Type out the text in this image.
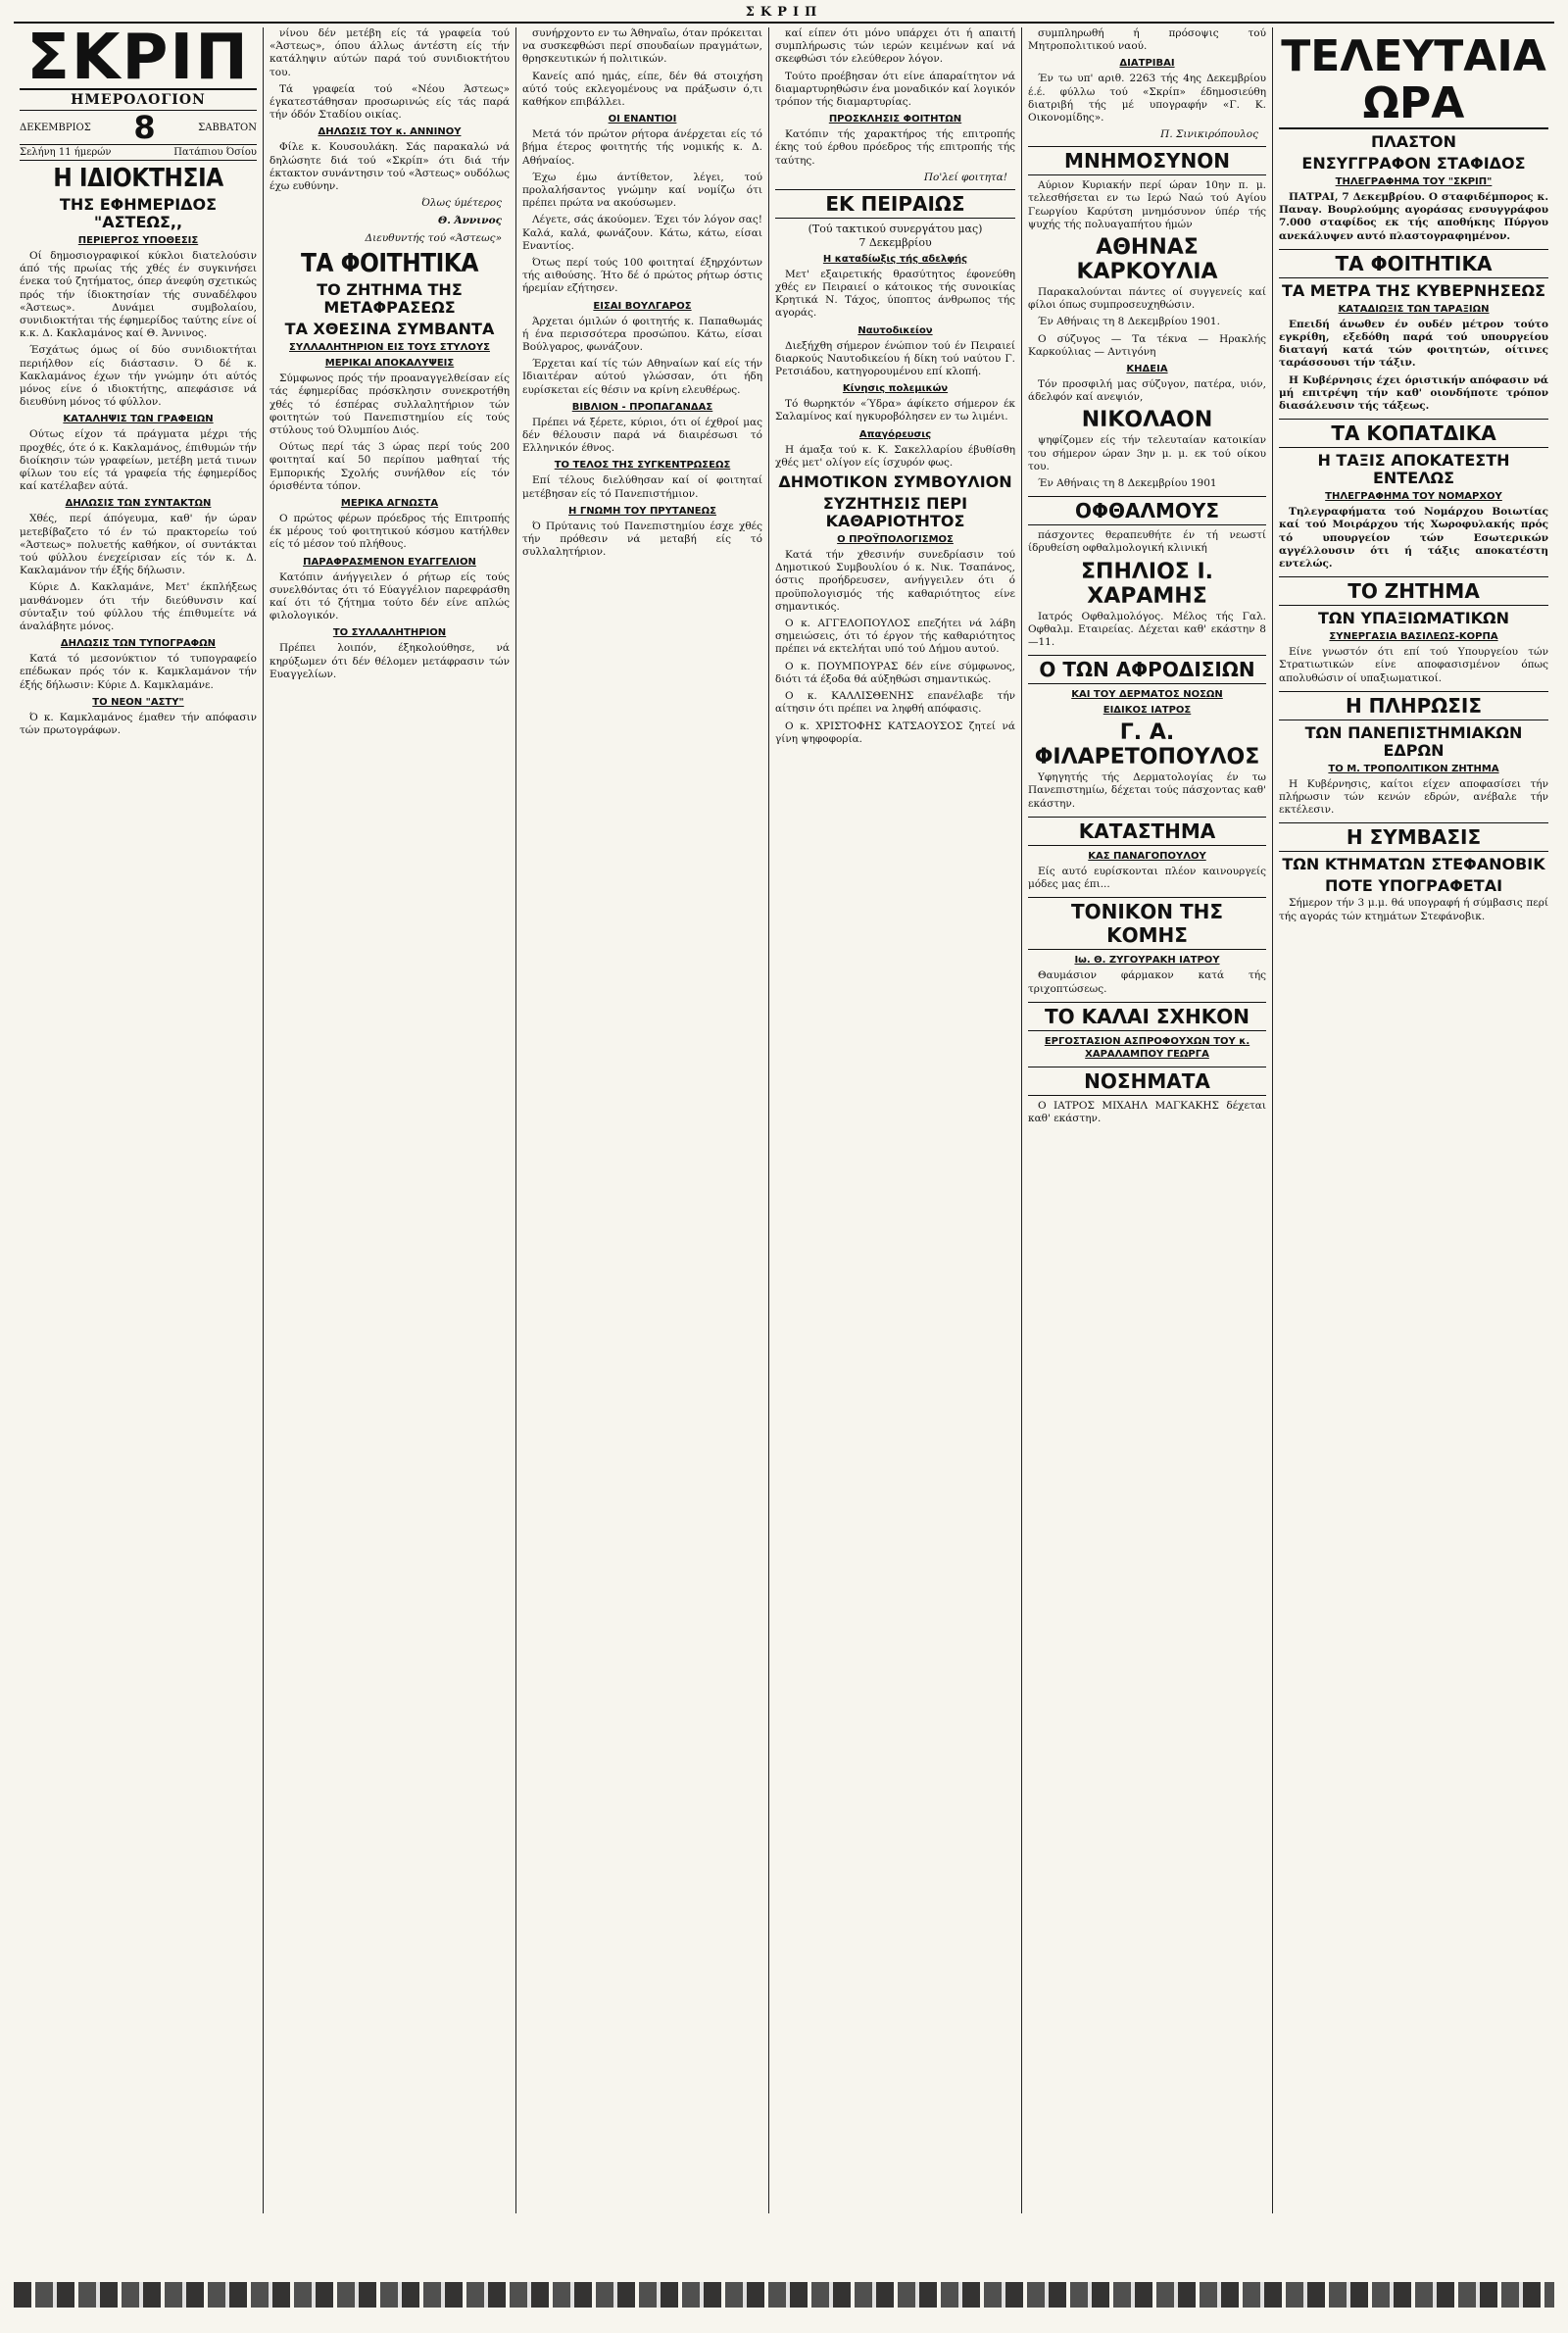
ΣΚΡΙΠ
ΣΚΡΙΠ
ΗΜΕΡΟΛΟΓΙΟΝ
ΔΕΚΕΜΒΡΙΟΣ 8	ΣΑΒΒΑΤΟΝ
Σελήνη 11 ήμερών	Πατάπιου Όσίου
Η ΙΔΙΟΚΤΗΣΙΑ
ΤΗΣ ΕΦΗΜΕΡΙΔΟΣ "ΑΣΤΕΩΣ,,
ΠΕΡΙΕΡΓΟΣ ΥΠΟΘΕΣΙΣ

Οί δημοσιογραφικοί κύκλοι διατελούσιν άπό τής πρωίας τής χθές έν συγκινήσει ένεκα τού ζητήματος, όπερ άνεφύη σχετικώς πρός τήν ίδιοκτησίαν τής συναδέλφου «Άστεως». Δυνάμει συμβολαίου, συνιδιοκτήται τής έφημερίδος ταύτης είνε οί κ.κ. Δ. Κακλαμάνος καί Θ. Άννινος.

Έσχάτως όμως οί δύο συνιδιοκτήται περιήλθον είς διάστασιν. Ό δέ κ. Κακλαμάνος έχων τήν γνώμην ότι αύτός μόνος είνε ό ιδιοκτήτης, απεφάσισε νά διευθύνη μόνος τό φύλλον.

ΚΑΤΑΛΗΨΙΣ ΤΩΝ ΓΡΑΦΕΙΩΝ

Ούτως είχον τά πράγματα μέχρι τής προχθές, ότε ό κ. Κακλαμάνος, έπιθυμών τήν διοίκησιν τών γραφείων, μετέβη μετά τινων φίλων του είς τά γραφεία τής έφημερίδος καί κατέλαβεν αύτά.

ΔΗΛΩΣΙΣ ΤΩΝ ΣΥΝΤΑΚΤΩΝ

Χθές, περί άπόγευμα, καθ' ήν ώραν μετεβίβαζετο τό έν τώ πρακτορείω τού «Άστεως» πολυετής καθήκον, οί συντάκται τού φύλλου ένεχείρισαν είς τόν κ. Δ. Κακλαμάνον τήν έξής δήλωσιν.

Κύριε Δ. Κακλαμάνε, Μετ' έκπλήξεως μανθάνομεν ότι τήν διεύθυνσιν καί σύνταξιν τού φύλλου τής έπιθυμείτε νά άναλάβητε μόνος.

ΔΗΛΩΣΙΣ ΤΩΝ ΤΥΠΟΓΡΑΦΩΝ

Κατά τό μεσονύκτιον τό τυπογραφείο επέδωκαν πρός τόν κ. Καμκλαμάνον τήν έξής δήλωσιν: Κύριε Δ. Καμκλαμάνε.

ΤΟ ΝΕΟΝ "ΑΣΤΥ"

Ό κ. Καμκλαμάνος έμαθεν τήν απόφασιν τών πρωτογράφων.

νίνου δέν μετέβη είς τά γραφεία τού «Άστεως», όπου άλλως άντέστη είς τήν κατάληψιν αύτών παρά τού συνιδιοκτήτου του.

Τά γραφεία τού «Νέου Άστεως» έγκατεστάθησαν προσωρινώς είς τάς παρά τήν όδόν Σταδίου οικίας.

ΔΗΛΩΣΙΣ ΤΟΥ κ. ΑΝΝΙΝΟΥ

Φίλε κ. Κουσουλάκη. Σάς παρακαλώ νά δηλώσητε διά τού «Σκρίπ» ότι διά τήν έκτακτον συνάντησιν τού «Άστεως» ουδόλως έχω ευθύνην.

Όλως ύμέτερος
Θ. Άννινος
Διευθυντής τού «Άστεως»
ΤΑ ΦΟΙΤΗΤΙΚΑ
ΤΟ ΖΗΤΗΜΑ ΤΗΣ ΜΕΤΑΦΡΑΣΕΩΣ
ΤΑ ΧΘΕΣΙΝΑ ΣΥΜΒΑΝΤΑ
ΣΥΛΛΑΛΗΤΗΡΙΟΝ ΕΙΣ ΤΟΥΣ ΣΤΥΛΟΥΣ
ΜΕΡΙΚΑΙ ΑΠΟΚΑΛΥΨΕΙΣ

Σύμφωνος πρός τήν προαναγγελθείσαν είς τάς έφημερίδας πρόσκλησιν συνεκροτήθη χθές τό έσπέρας συλλαλητήριον τών φοιτητών τού Πανεπιστημίου είς τούς στύλους τού Όλυμπίου Διός.

Ούτως περί τάς 3 ώρας περί τούς 200 φοιτηταί καί 50 περίπου μαθηταί τής Εμπορικής Σχολής συνήλθον είς τόν όρισθέντα τόπον.

ΜΕΡΙΚΑ ΑΓΝΩΣΤΑ

Ο πρώτος φέρων πρόεδρος τής Επιτροπής έκ μέρους τού φοιτητικού κόσμου κατήλθεν είς τό μέσον τού πλήθους.

ΠΑΡΑΦΡΑΣΜΕΝΟΝ ΕΥΑΓΓΕΛΙΟΝ

Κατόπιν άνήγγειλεν ό ρήτωρ είς τούς συνελθόντας ότι τό Εύαγγέλιον παρεφράσθη καί ότι τό ζήτημα τούτο δέν είνε απλώς φιλολογικόν.

ΤΟ ΣΥΛΛΑΛΗΤΗΡΙΟΝ

Πρέπει λοιπόν, έξηκολούθησε, νά κηρύξωμεν ότι δέν θέλομεν μετάφρασιν τών Ευαγγελίων.

συνήρχοντο εν τω Άθηναΐω, όταν πρόκειται να συσκεφθώσι περί σπουδαίων πραγμάτων, θρησκευτικών ή πολιτικών.

Κανείς από ημάς, είπε, δέν θά στοιχήση αύτό τούς εκλεγομένους να πράξωσιν ό,τι καθήκον επιβάλλει.

ΟΙ ΕΝΑΝΤΙΟΙ

Μετά τόν πρώτον ρήτορα άνέρχεται είς τό βήμα έτερος φοιτητής τής νομικής κ. Δ. Αθήναίος.

Έχω έμω άντίθετον, λέγει, τού προλαλήσαντος γνώμην καί νομίζω ότι πρέπει πρώτα να ακούσωμεν.

Λέγετε, σάς άκούομεν. Έχει τόν λόγον σας! Καλά, καλά, φωνάζουν. Κάτω, κάτω, είσαι Εναντίος.

Ότως περί τούς 100 φοιτηταί έξηρχόντων τής αιθούσης. Ήτο δέ ό πρώτος ρήτωρ όστις ήρεμίαν εζήτησεν.

ΕΙΣΑΙ ΒΟΥΛΓΑΡΟΣ

Άρχεται όμιλών ό φοιτητής κ. Παπαθωμάς ή ένα περισσότερα προσώπου. Κάτω, είσαι Βούλγαρος, φωνάζουν.

Έρχεται καί τίς τών Αθηναίων καί είς τήν Ιδιαιτέραν αύτού γλώσσαν, ότι ήδη ευρίσκεται είς θέσιν να κρίνη ελευθέρως.

ΒΙΒΛΙΟΝ - ΠΡΟΠΑΓΑΝΔΑΣ

Πρέπει νά ξέρετε, κύριοι, ότι οί έχθροί μας δέν θέλουσιν παρά νά διαιρέσωσι τό Ελληνικόν έθνος.

ΤΟ ΤΕΛΟΣ ΤΗΣ ΣΥΓΚΕΝΤΡΩΣΕΩΣ

Επί τέλους διελύθησαν καί οί φοιτηταί μετέβησαν είς τό Πανεπιστήμιον.

Η ΓΝΩΜΗ ΤΟΥ ΠΡΥΤΑΝΕΩΣ

Ό Πρύτανις τού Πανεπιστημίου έσχε χθές τήν πρόθεσιν νά μεταβή είς τό συλλαλητήριον.

καί είπεν ότι μόνο υπάρχει ότι ή απαιτή συμπλήρωσις τών ιερών κειμένων καί νά σκεφθώσι τόν ελεύθερον λόγον.

Τούτο προέβησαν ότι είνε άπαραίτητον νά διαμαρτυρηθώσιν ένα μοναδικόν καί λογικόν τρόπον τής διαμαρτυρίας.

ΠΡΟΣΚΛΗΣΙΣ ΦΟΙΤΗΤΩΝ

Κατόπιν τής χαρακτήρος τής επιτροπής έκης τού έρθου πρόεδρος τής επιτροπής τής ταύτης.

Πο'λεί φοιτητα!
ΕΚ ΠΕΙΡΑΙΩΣ
(Τού τακτικού συνεργάτου μας)
7 Δεκεμβρίου
Η καταδίωξις τής αδελφής

Μετ' εξαιρετικής θρασύτητος έφονεύθη χθές εν Πειραιεί ο κάτοικος τής συνοικίας Κρητικά Ν. Τάχος, ύποπτος άνθρωπος τής αγοράς.

Ναυτοδικείον

Διεξήχθη σήμερον ένώπιον τού έν Πειραιεί διαρκούς Ναυτοδικείου ή δίκη τού ναύτου Γ. Ρετσιάδου, κατηγορουμένου επί κλοπή.

Κίνησις πολεμικών

Τό θωρηκτόν «Ύδρα» άφίκετο σήμερον έκ Σαλαμίνος καί ηγκυροβόλησεν εν τω λιμένι.

Απαγόρευσις

Η άμαξα τού κ. Κ. Σακελλαρίου έβυθίσθη χθές μετ' ολίγον είς ίσχυρόν φως.

ΔΗΜΟΤΙΚΟΝ ΣΥΜΒΟΥΛΙΟΝ
ΣΥΖΗΤΗΣΙΣ ΠΕΡΙ ΚΑΘΑΡΙΟΤΗΤΟΣ
Ο ΠΡΟΫΠΟΛΟΓΙΣΜΟΣ

Κατά τήν χθεσινήν συνεδρίασιν τού Δημοτικού Συμβουλίου ό κ. Νικ. Τσαπάνος, όστις προήδρευσεν, ανήγγειλεν ότι ό προϋπολογισμός τής καθαριότητος είνε σημαντικός.

Ο κ. ΑΓΓΕΛΟΠΟΥΛΟΣ επεζήτει νά λάβη σημειώσεις, ότι τό έργον τής καθαριότητος πρέπει νά εκτελήται υπό τού Δήμου αυτού.

Ο κ. ΠΟΥΜΠΟΥΡΑΣ δέν είνε σύμφωνος, διότι τά έξοδα θά αύξηθώσι σημαντικώς.

Ο κ. ΚΑΛΛΙΣΘΕΝΗΣ επανέλαβε τήν αίτησιν ότι πρέπει να ληφθή απόφασις.

Ο κ. ΧΡΙΣΤΟΦΗΣ ΚΑΤΣΑΟΥΣΟΣ ζητεί νά γίνη ψηφοφορία.

συμπληρωθή ή πρόσοψις τού Μητροπολιτικού ναού.

ΔΙΑΤΡΙΒΑΙ

Έν τω υπ' αριθ. 2263 τής 4ης Δεκεμβρίου έ.έ. φύλλω τού «Σκρίπ» έδημοσιεύθη διατριβή τής μέ υπογραφήν «Γ. Κ. Οικονομίδης».

Π. Σινικιρόπουλος
ΜΝΗΜΟΣΥΝΟΝ

Αύριον Κυριακήν περί ώραν 10ην π. μ. τελεσθήσεται εν τω Ιερώ Ναώ τού Αγίου Γεωργίου Καρύτση μνημόσυνον ύπέρ τής ψυχής τής πολυαγαπήτου ήμών

ΑΘΗΝΑΣ ΚΑΡΚΟΥΛΙΑ

Παρακαλούνται πάντες οί συγγενείς καί φίλοι όπως συμπροσευχηθώσιν.

Έν Αθήναις τη 8 Δεκεμβρίου 1901.

Ο σύζυγος — Τα τέκνα — Ηρακλής Καρκούλιας — Αντιγόνη

ΚΗΔΕΙΑ

Τόν προσφιλή μας σύζυγον, πατέρα, υιόν, άδελφόν καί ανεψιόν,

ΝΙΚΟΛΑΟΝ

ψηφίζομεν είς τήν τελευταίαν κατοικίαν του σήμερον ώραν 3ην μ. μ. εκ τού οίκου του.

Έν Αθήναις τη 8 Δεκεμβρίου 1901

ΟΦΘΑΛΜΟΥΣ

πάσχοντες θεραπευθήτε έν τή νεωστί ίδρυθείση οφθαλμολογική κλινική

ΣΠΗΛΙΟΣ Ι. ΧΑΡΑΜΗΣ

Ιατρός Οφθαλμολόγος. Μέλος τής Γαλ. Οφθαλμ. Εταιρείας. Δέχεται καθ' εκάστην 8—11.

Ο ΤΩΝ ΑΦΡΟΔΙΣΙΩΝ
ΚΑΙ ΤΟΥ ΔΕΡΜΑΤΟΣ ΝΟΣΩΝ
ΕΙΔΙΚΟΣ ΙΑΤΡΟΣ
Γ. Α. ΦΙΛΑΡΕΤΟΠΟΥΛΟΣ

Υφηγητής τής Δερματολογίας έν τω Πανεπιστημίω, δέχεται τούς πάσχοντας καθ' εκάστην.

ΚΑΤΑΣΤΗΜΑ
ΚΑΣ ΠΑΝΑΓΟΠΟΥΛΟΥ

Είς αυτό ευρίσκονται πλέον καινουργείς μόδες μας έπι...

ΤΟΝΙΚΟΝ ΤΗΣ ΚΟΜΗΣ
Ιω. Θ. ΖΥΓΟΥΡΑΚΗ ΙΑΤΡΟΥ

Θαυμάσιον φάρμακον κατά τής τριχοπτώσεως.

ΤΟ ΚΑΛΑΙ ΣΧΗΚΟΝ
ΕΡΓΟΣΤΑΣΙΟΝ ΑΣΠΡΟΦΟΥΧΩΝ ΤΟΥ κ. ΧΑΡΑΛΑΜΠΟΥ ΓΕΩΡΓΑ
ΝΟΣΗΜΑΤΑ

Ο ΙΑΤΡΟΣ ΜΙΧΑΗΛ ΜΑΓΚΑΚΗΣ δέχεται καθ' εκάστην.

ΤΕΛΕΥΤΑΙΑ ΩΡΑ
ΠΛΑΣΤΟΝ
ΕΝΣΥΓΓΡΑΦΟΝ ΣΤΑΦΙΔΟΣ
ΤΗΛΕΓΡΑΦΗΜΑ ΤΟΥ "ΣΚΡΙΠ"

ΠΑΤΡΑΙ, 7 Δεκεμβρίου. Ο σταφιδέμπορος κ. Παναγ. Βουρλούμης αγοράσας ενσυγγράφου 7.000 σταφίδος εκ τής αποθήκης Πύργου ανεκάλυψεν αυτό πλαστογραφημένον.

ΤΑ ΦΟΙΤΗΤΙΚΑ
ΤΑ ΜΕΤΡΑ ΤΗΣ ΚΥΒΕΡΝΗΣΕΩΣ
ΚΑΤΑΔΙΩΞΙΣ ΤΩΝ ΤΑΡΑΞΙΩΝ

Επειδή άνωθεν έν ουδέν μέτρον τούτο εγκρίθη, εξεδόθη παρά τού υπουργείου διαταγή κατά τών φοιτητών, οίτινες ταράσσουσι τήν τάξιν.

Η Κυβέρνησις έχει όριστικήν απόφασιν νά μή επιτρέψη τήν καθ' οιονδήποτε τρόπον διασάλευσιν τής τάξεως.

ΤΑ ΚΟΠΑΤΔΙΚΑ
Η ΤΑΞΙΣ ΑΠΟΚΑΤΕΣΤΗ ΕΝΤΕΛΩΣ
ΤΗΛΕΓΡΑΦΗΜΑ ΤΟΥ ΝΟΜΑΡΧΟΥ

Τηλεγραφήματα τού Νομάρχου Βοιωτίας καί τού Μοιράρχου τής Χωροφυλακής πρός τό υπουργείον τών Εσωτερικών αγγέλλουσιν ότι ή τάξις αποκατέστη εντελώς.

ΤΟ ΖΗΤΗΜΑ
ΤΩΝ ΥΠΑΞΙΩΜΑΤΙΚΩΝ
ΣΥΝΕΡΓΑΣΙΑ ΒΑΣΙΛΕΩΣ-ΚΟΡΠΑ

Είνε γνωστόν ότι επί τού Υπουργείου τών Στρατιωτικών είνε αποφασισμένον όπως απολυθώσιν οί υπαξιωματικοί.

Η ΠΛΗΡΩΣΙΣ
ΤΩΝ ΠΑΝΕΠΙΣΤΗΜΙΑΚΩΝ ΕΔΡΩΝ
ΤΟ Μ. ΤΡΟΠΟΛΙΤΙΚΟΝ ΖΗΤΗΜΑ

Η Κυβέρνησις, καίτοι είχεν αποφασίσει τήν πλήρωσιν τών κενών εδρών, ανέβαλε τήν εκτέλεσιν.

Η ΣΥΜΒΑΣΙΣ
ΤΩΝ ΚΤΗΜΑΤΩΝ ΣΤΕΦΑΝΟΒΙΚ
ΠΟΤΕ ΥΠΟΓΡΑΦΕΤΑΙ

Σήμερον τήν 3 μ.μ. θά υπογραφή ή σύμβασις περί τής αγοράς τών κτημάτων Στεφάνοβικ.
